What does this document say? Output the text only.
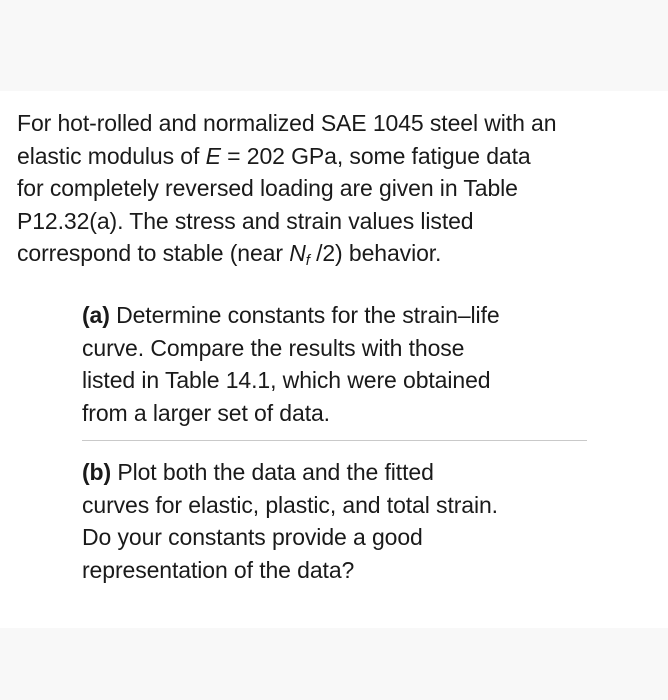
For hot-rolled and normalized SAE 1045 steel with an
elastic modulus of E = 202 GPa, some fatigue data
for completely reversed loading are given in Table
P12.32(a). The stress and strain values listed
correspond to stable (near $N_f$ /2) behavior.
(a) Determine constants for the strain–life
curve. Compare the results with those
listed in Table 14.1, which were obtained
from a larger set of data.
(b) Plot both the data and the fitted
curves for elastic, plastic, and total strain.
Do your constants provide a good
representation of the data?
